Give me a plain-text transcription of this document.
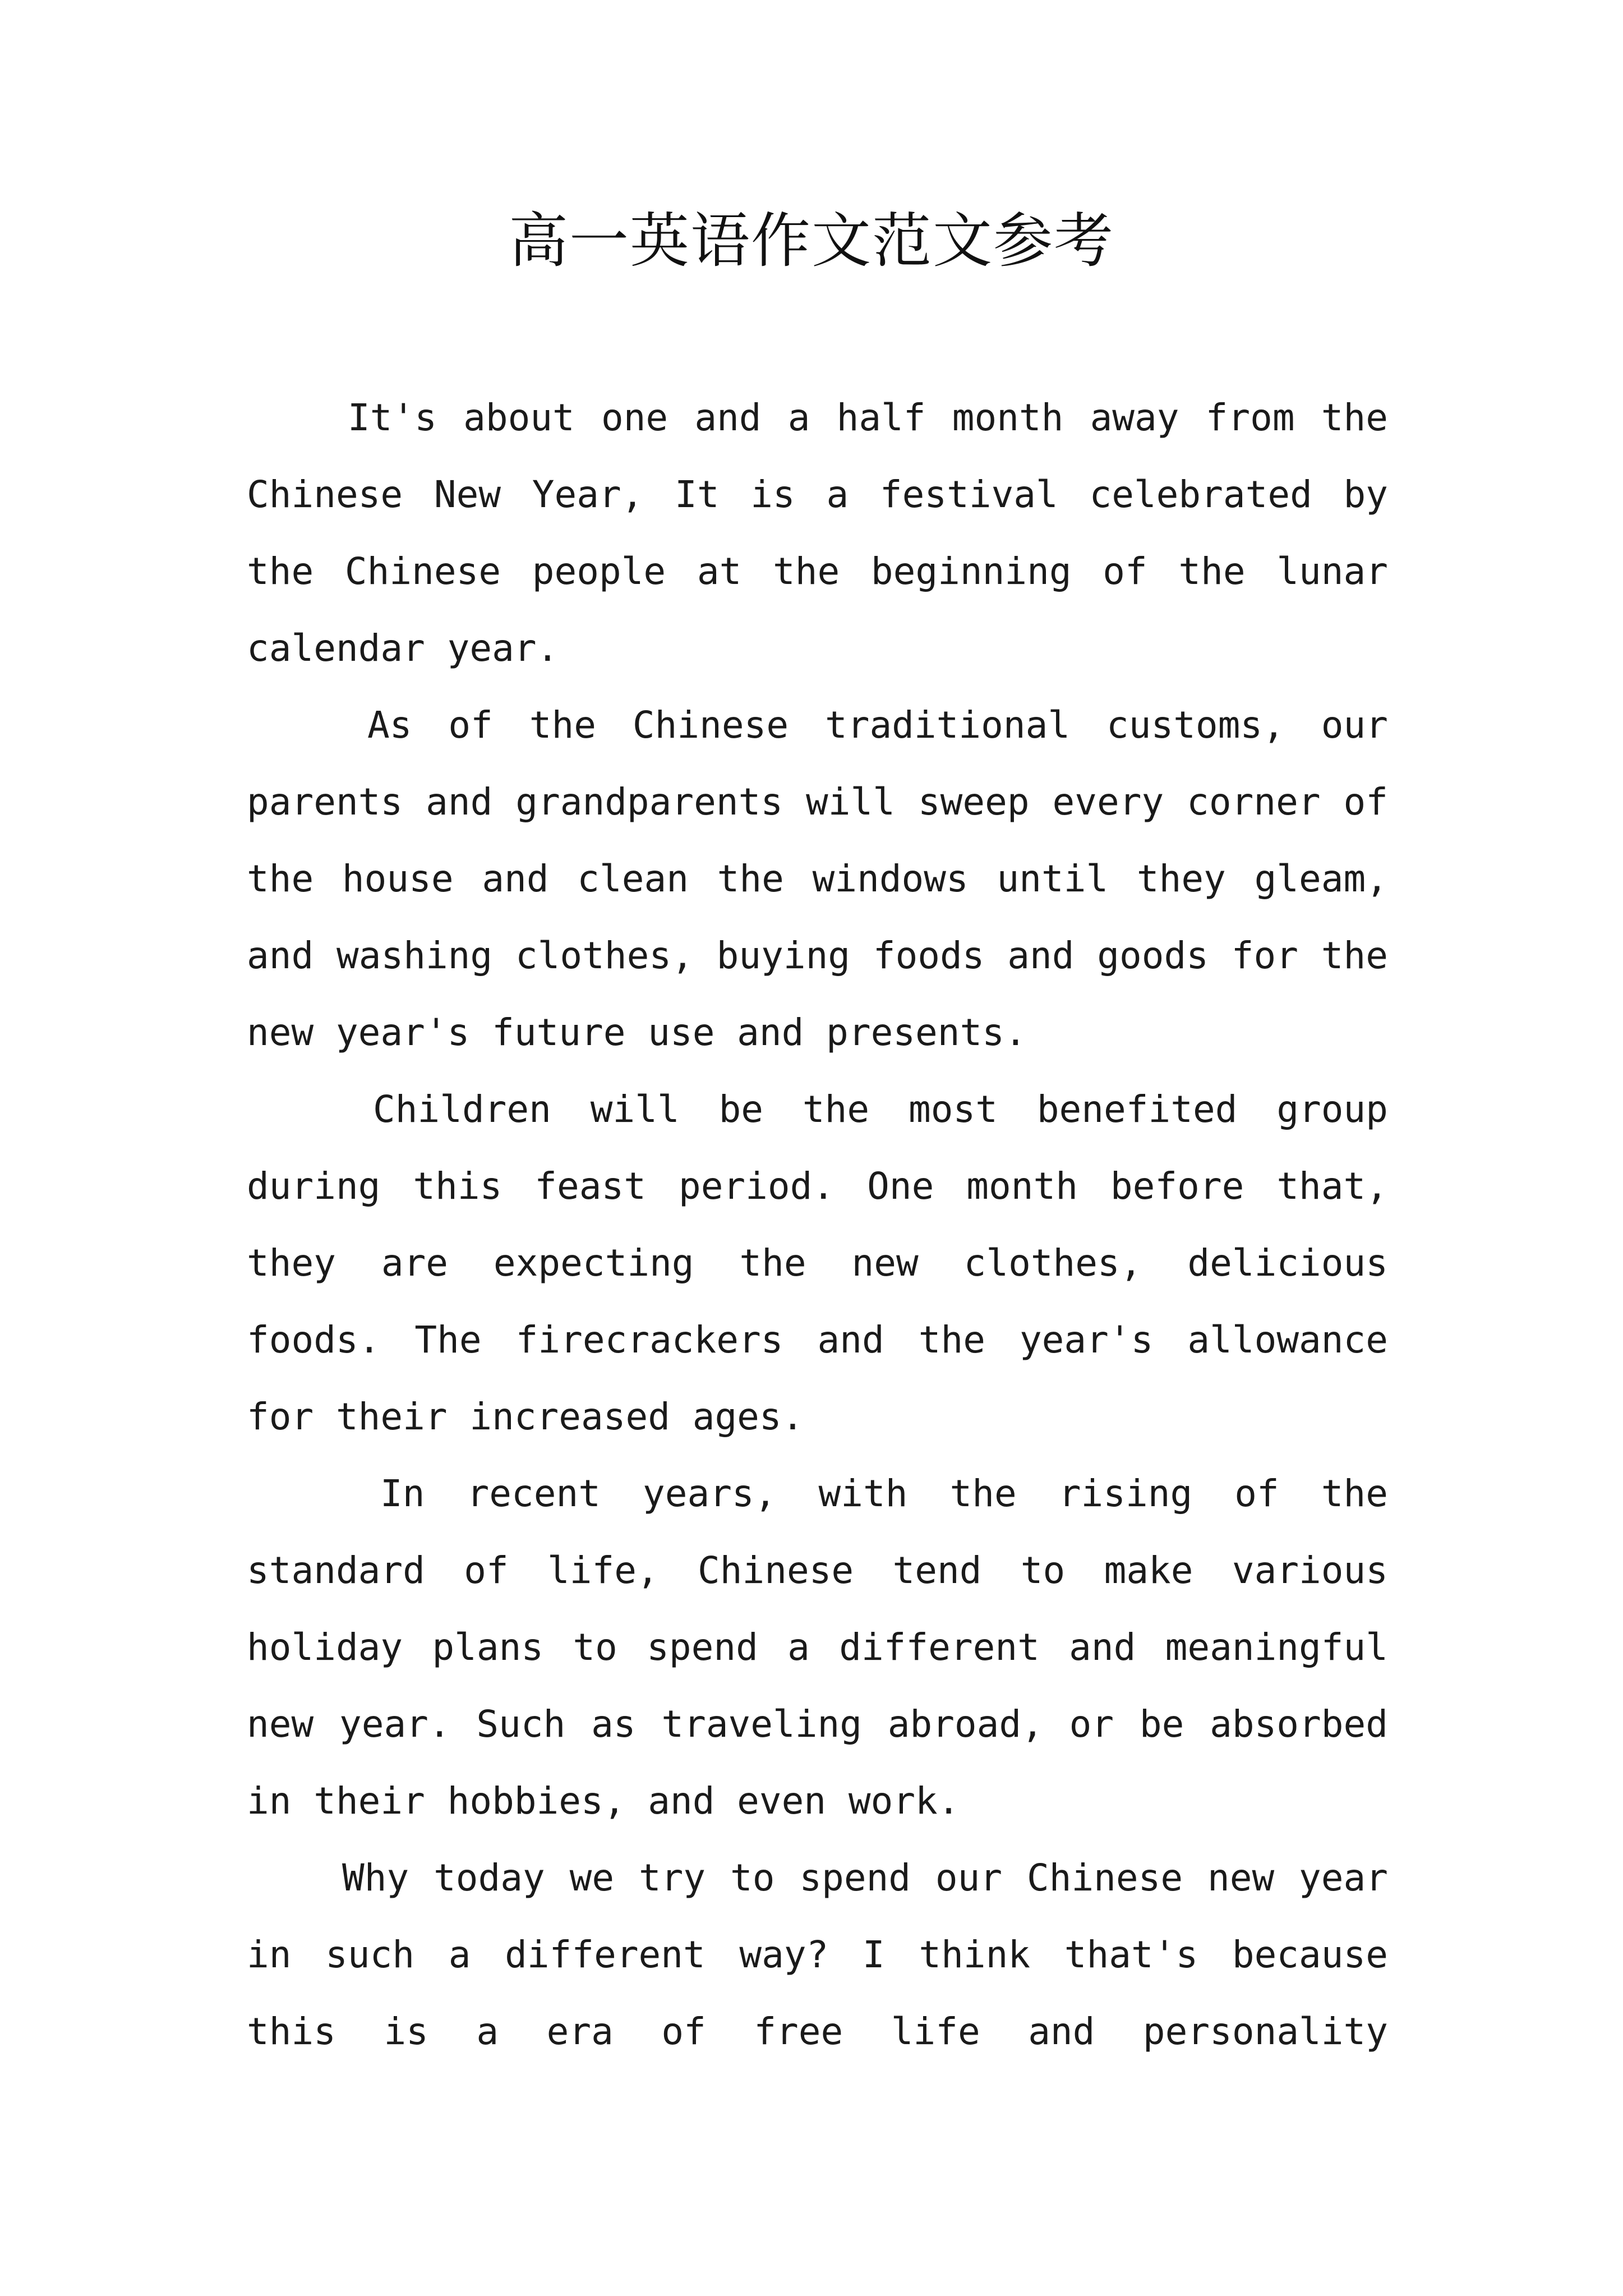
高一英语作文范文参考

It's about one and a half month away from the Chinese New Year, It is a festival celebrated by the Chinese people at the beginning of the lunar calendar year.

As of the Chinese traditional customs, our parents and grandparents will sweep every corner of the house and clean the windows until they gleam, and washing clothes, buying foods and goods for the new year's future use and presents.

Children will be the most benefited group during this feast period. One month before that, they are expecting the new clothes, delicious foods. The firecrackers and the year's allowance for their increased ages.

In recent years, with the rising of the standard of life, Chinese tend to make various holiday plans to spend a different and meaningful new year. Such as traveling abroad, or be absorbed in their hobbies, and even work.

Why today we try to spend our Chinese new year in such a different way? I think that's because this is a era of free life and personality
